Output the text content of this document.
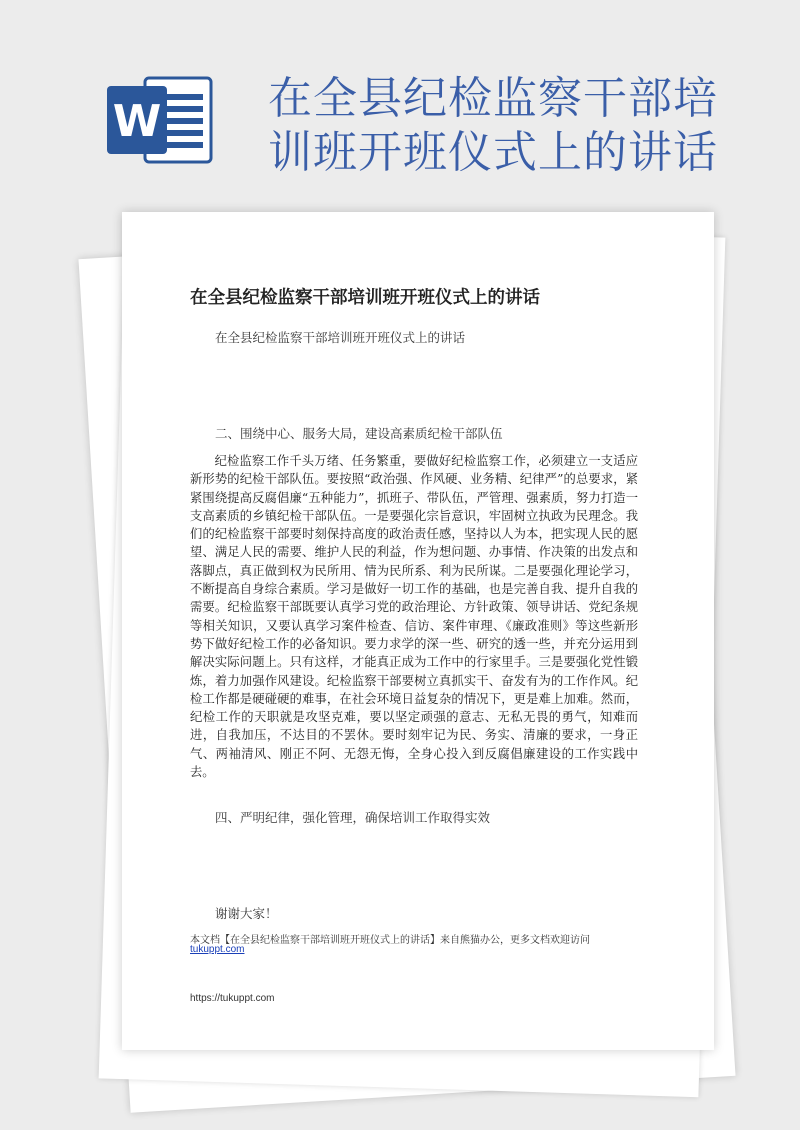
W 在全县纪检监察干部培
训班开班仪式上的讲话
在全县纪检监察干部培训班开班仪式上的讲话
在全县纪检监察干部培训班开班仪式上的讲话
二、围绕中心、服务大局，建设高素质纪检干部队伍
纪检监察工作千头万绪、任务繁重，要做好纪检监察工作，必须建立一支适应新形势的纪检干部队伍。要按照“政治强、作风硬、业务精、纪律严”的总要求，紧紧围绕提高反腐倡廉“五种能力”，抓班子、带队伍，严管理、强素质，努力打造一支高素质的乡镇纪检干部队伍。一是要强化宗旨意识，牢固树立执政为民理念。我们的纪检监察干部要时刻保持高度的政治责任感，坚持以人为本，把实现人民的愿望、满足人民的需要、维护人民的利益，作为想问题、办事情、作决策的出发点和落脚点，真正做到权为民所用、情为民所系、利为民所谋。二是要强化理论学习，不断提高自身综合素质。学习是做好一切工作的基础，也是完善自我、提升自我的需要。纪检监察干部既要认真学习党的政治理论、方针政策、领导讲话、党纪条规等相关知识，又要认真学习案件检查、信访、案件审理、《廉政准则》等这些新形势下做好纪检工作的必备知识。要力求学的深一些、研究的透一些，并充分运用到解决实际问题上。只有这样，才能真正成为工作中的行家里手。三是要强化党性锻炼，着力加强作风建设。纪检监察干部要树立真抓实干、奋发有为的工作作风。纪检工作都是硬碰硬的难事，在社会环境日益复杂的情况下，更是难上加难。然而，纪检工作的天职就是攻坚克难，要以坚定顽强的意志、无私无畏的勇气，知难而进，自我加压，不达目的不罢休。要时刻牢记为民、务实、清廉的要求，一身正气、两袖清风、刚正不阿、无怨无悔，全身心投入到反腐倡廉建设的工作实践中去。
四、严明纪律，强化管理，确保培训工作取得实效
谢谢大家！
本文档【在全县纪检监察干部培训班开班仪式上的讲话】来自熊猫办公，更多文档欢迎访问
tukuppt.com
https://tukuppt.com
